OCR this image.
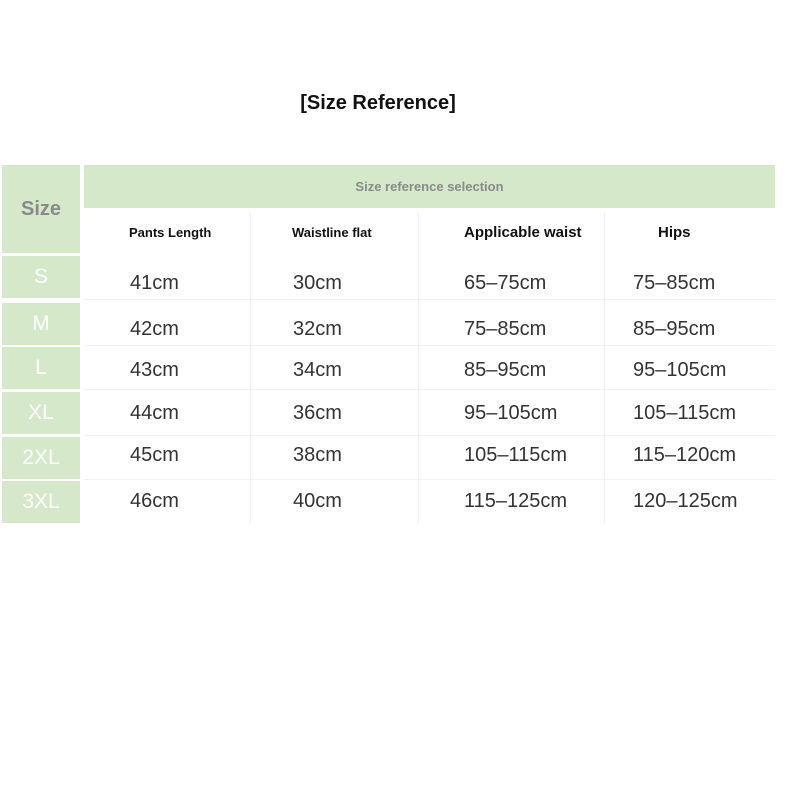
[Size Reference]
Size
Size reference selection
Pants Length	Waistline flat	Applicable waist	Hips
S	41cm	30cm	65–75cm	75–85cm
M	42cm	32cm	75–85cm	85–95cm
L	43cm	34cm	85–95cm	95–105cm
XL	44cm	36cm	95–105cm	105–115cm
2XL	45cm	38cm	105–115cm	115–120cm
3XL	46cm	40cm	115–125cm	120–125cm
